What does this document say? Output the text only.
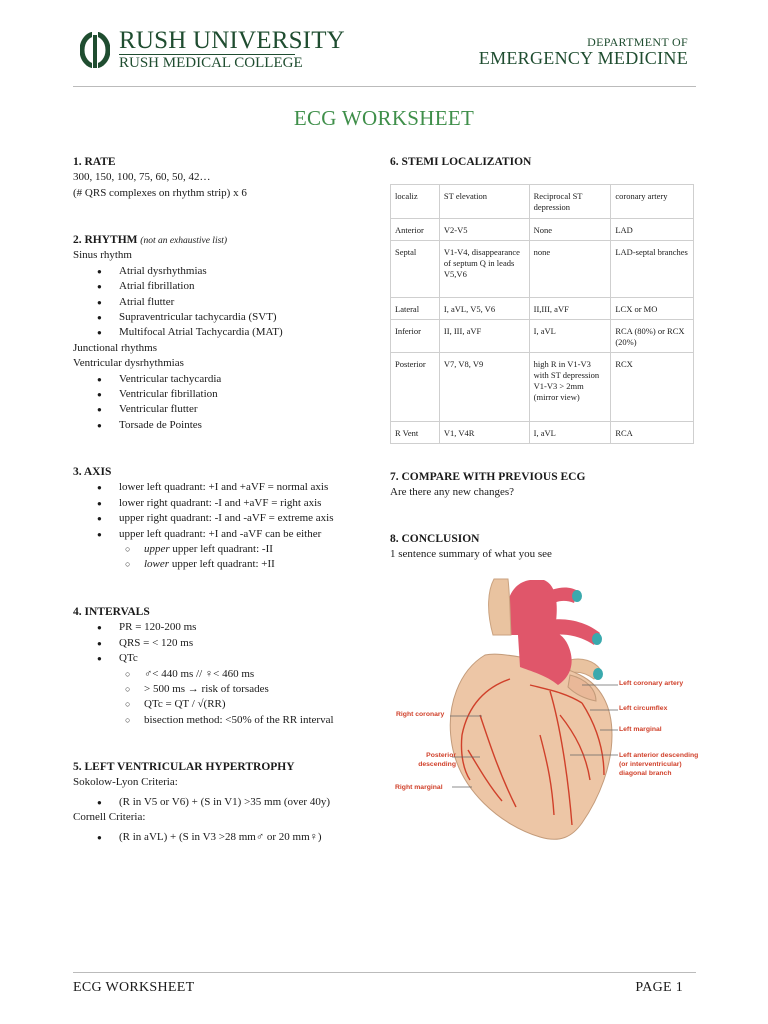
RUSH UNIVERSITY
RUSH MEDICAL COLLEGE
DEPARTMENT OF
EMERGENCY MEDICINE
ECG WORKSHEET
1. RATE
300, 150, 100, 75, 60, 50, 42…
(# QRS complexes on rhythm strip) x 6
2. RHYTHM (not an exhaustive list)
Sinus rhythm
● Atrial dysrhythmias
● Atrial fibrillation
● Atrial flutter
● Supraventricular tachycardia (SVT)
● Multifocal Atrial Tachycardia (MAT)
Junctional rhythms
Ventricular dysrhythmias
● Ventricular tachycardia
● Ventricular fibrillation
● Ventricular flutter
● Torsade de Pointes
3. AXIS
● lower left quadrant: +I and +aVF = normal axis
● lower right quadrant: -I and +aVF = right axis
● upper right quadrant: -I and -aVF = extreme axis
● upper left quadrant: +I and -aVF can be either
○ upper upper left quadrant: -II
○ lower upper left quadrant: +II
4. INTERVALS
● PR = 120-200 ms
● QRS = < 120 ms
● QTc
○ ♂< 440 ms // ♀< 460 ms
○ > 500 ms → risk of torsades
○ QTc = QT / √(RR)
○ bisection method: <50% of the RR interval
5. LEFT VENTRICULAR HYPERTROPHY
Sokolow-Lyon Criteria:
● (R in V5 or V6) + (S in V1) >35 mm (over 40y)
Cornell Criteria:
● (R in aVL) + (S in V3 >28 mm♂ or 20 mm♀)
6. STEMI LOCALIZATION
localiz	ST elevation	Reciprocal ST depression	coronary artery
Anterior	V2-V5	None	LAD
Septal	V1-V4, disappearance of septum Q in leads V5,V6	none	LAD-septal branches
Lateral	I, aVL, V5, V6	II,III, aVF	LCX or MO
Inferior	II, III, aVF	I, aVL	RCA (80%) or RCX (20%)
Posterior	V7, V8, V9	high R in V1-V3 with ST depression V1-V3 > 2mm (mirror view)	RCX
R Vent	V1, V4R	I, aVL	RCA
7. COMPARE WITH PREVIOUS ECG
Are there any new changes?
8. CONCLUSION
1 sentence summary of what you see
Left coronary artery
Left circumflex
Left marginal
Left anterior descending
(or interventricular)
diagonal branch
Right coronary
Posterior
descending
Right marginal
ECG WORKSHEET	PAGE 1
